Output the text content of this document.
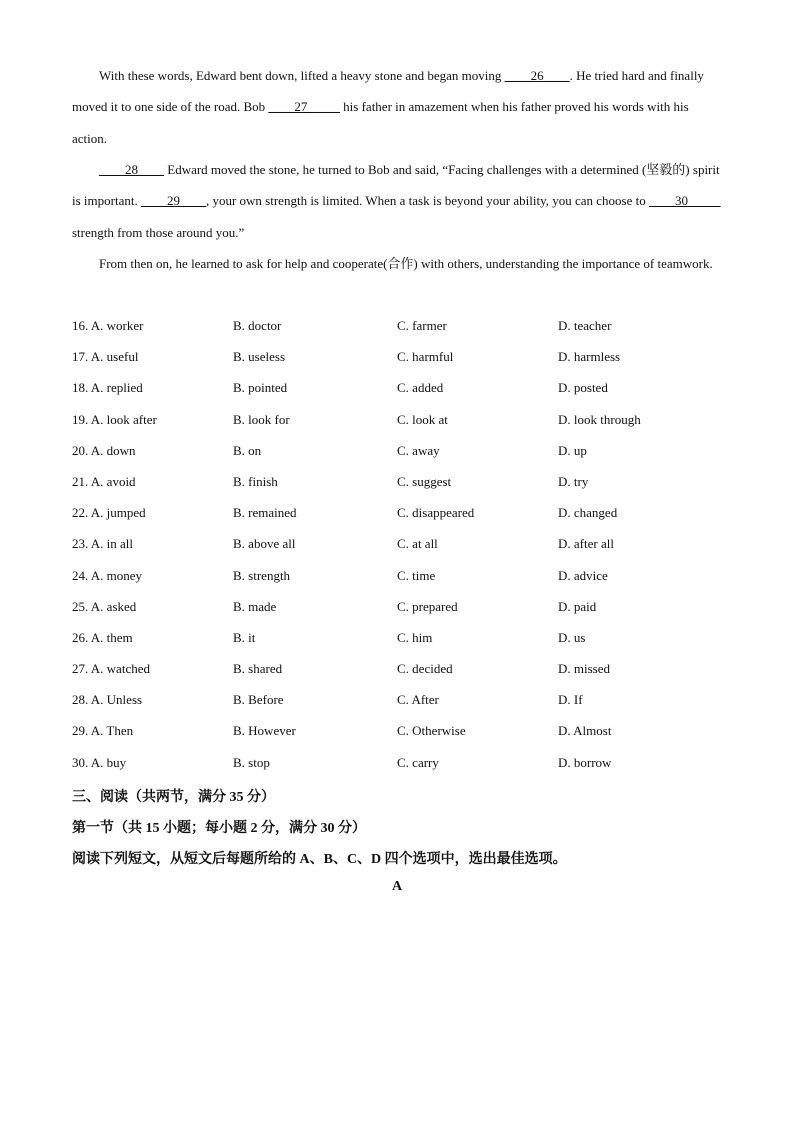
With these words, Edward bent down, lifted a heavy stone and began moving ____26____. He tried hard and finally moved it to one side of the road. Bob ____27_____ his father in amazement when his father proved his words with his action.

____28____ Edward moved the stone, he turned to Bob and said, “Facing challenges with a determined (坚毅的) spirit is important. ____29____, your own strength is limited. When a task is beyond your ability, you can choose to ____30_____ strength from those around you.”

From then on, he learned to ask for help and cooperate(合作) with others, understanding the importance of teamwork.

16. A. worker	B. doctor	C. farmer	D. teacher
17. A. useful	B. useless	C. harmful	D. harmless
18. A. replied	B. pointed	C. added	D. posted
19. A. look after	B. look for	C. look at	D. look through
20. A. down	B. on	C. away	D. up
21. A. avoid	B. finish	C. suggest	D. try
22. A. jumped	B. remained	C. disappeared	D. changed
23. A. in all	B. above all	C. at all	D. after all
24. A. money	B. strength	C. time	D. advice
25. A. asked	B. made	C. prepared	D. paid
26. A. them	B. it	C. him	D. us
27. A. watched	B. shared	C. decided	D. missed
28. A. Unless	B. Before	C. After	D. If
29. A. Then	B. However	C. Otherwise	D. Almost
30. A. buy	B. stop	C. carry	D. borrow
三、阅读（共两节，满分 35 分）
第一节（共 15 小题；每小题 2 分，满分 30 分）
阅读下列短文，从短文后每题所给的 A、B、C、D 四个选项中，选出最佳选项。
A
